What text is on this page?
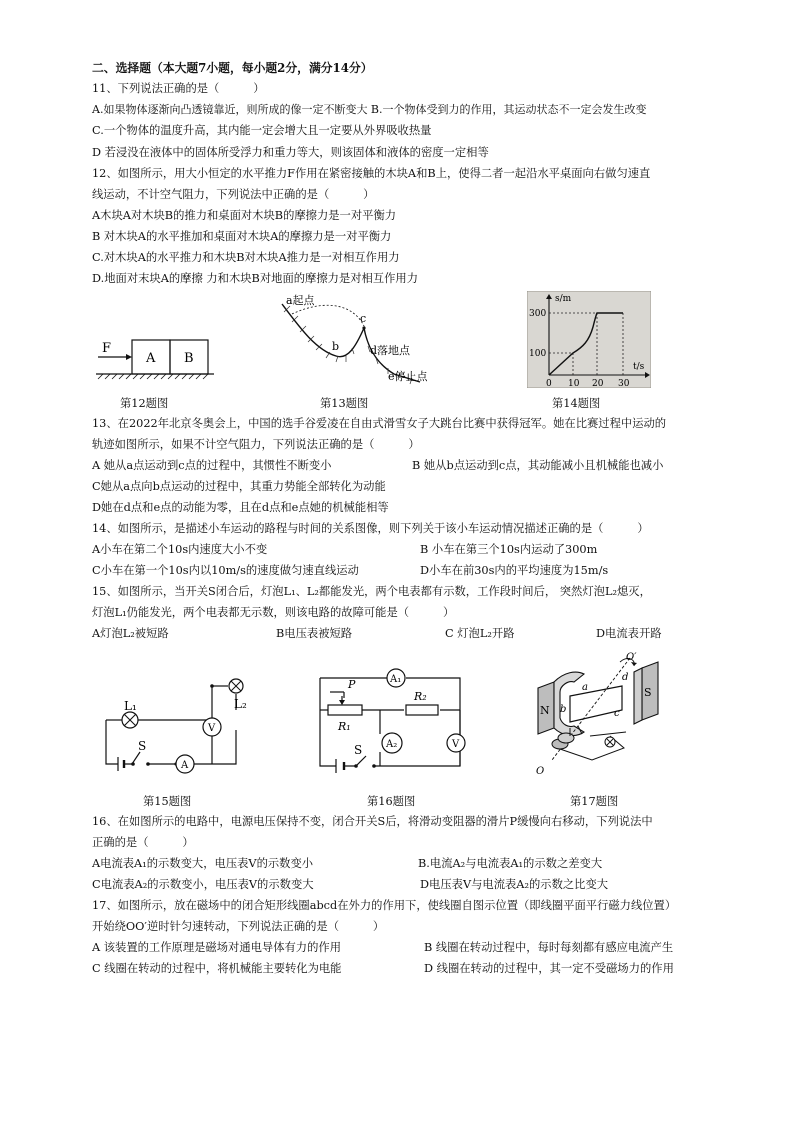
二、选择题（本大题7小题，每小题2分，满分14分）
11、下列说法正确的是（　　　）
A.如果物体逐渐向凸透镜靠近，则所成的像一定不断变大 B.一个物体受到力的作用，其运动状态不一定会发生改变
C.一个物体的温度升高，其内能一定会增大且一定要从外界吸收热量
D 若浸没在液体中的固体所受浮力和重力等大，则该固体和液体的密度一定相等
12、如图所示，用大小恒定的水平推力F作用在紧密接触的木块A和B上，使得二者一起沿水平桌面向右做匀速直
线运动，不计空气阻力，下列说法中正确的是（　　　）
A木块A对木块B的推力和桌面对木块B的摩擦力是一对平衡力
B 对木块A的水平推加和桌面对木块A的摩擦力是一对平衡力
C.对木块A的水平推力和木块B对木块A推力是一对相互作用力
D.地面对末块A的摩擦 力和木块B对地面的摩擦力是对相互作用力
F
A B
第12题图
a起点
b
c
d落地点
e停止点
第13题图
s/m
t/s
300
100
0 10 20 30
第14题图
13、在2022年北京冬奥会上，中国的选手谷爱凌在自由式滑雪女子大跳台比赛中获得冠军。她在比赛过程中运动的
轨迹如图所示，如果不计空气阻力，下列说法正确的是（　　　）
A 她从a点运动到c点的过程中，其惯性不断变小	B 她从b点运动到c点，其动能减小且机械能也减小
C她从a点向b点运动的过程中，其重力势能全部转化为动能
D她在d点和e点的动能为零，且在d点和e点她的机械能相等
14、如图所示，是描述小车运动的路程与时间的关系图像，则下列关于该小车运动情况描述正确的是（　　　）
A小车在第二个10s内速度大小不变	B 小车在第三个10s内运动了300m
C小车在第一个10s内以10m/s的速度做匀速直线运动	D小车在前30s内的平均速度为15m/s
15、如图所示，当开关S闭合后，灯泡L₁、L₂都能发光，两个电表都有示数，工作段时间后， 突然灯泡L₂熄灭，
灯泡L₁仍能发光，两个电表都无示数，则该电路的故障可能是（　　　）
A灯泡L₂被短路	B电压表被短路	C 灯泡L₂开路	D电流表开路
A
L₁	L₂
V
S
第15题图
P
R₁
R₂
A₁
A₂	V
S
第16题图
N
S
O′
O
a
b	c
d
第17题图
16、在如图所示的电路中，电源电压保持不变，闭合开关S后，将滑动变阻器的滑片P缓慢向右移动，下列说法中
正确的是（　　　）
A电流表A₁的示数变大，电压表V的示数变小	B.电流A₂与电流表A₁的示数之差变大
C电流表A₂的示数变小，电压表V的示数变大	D电压表V与电流表A₂的示数之比变大
17、如图所示，放在磁场中的闭合矩形线圈abcd在外力的作用下，使线圈自图示位置（即线圈平面平行磁力线位置）
开始绕OO′逆时针匀速转动，下列说法正确的是（　　　）
A 该装置的工作原理是磁场对通电导体有力的作用	B 线圈在转动过程中，每时每刻都有感应电流产生
C 线圈在转动的过程中，将机械能主要转化为电能	D 线圈在转动的过程中，其一定不受磁场力的作用
